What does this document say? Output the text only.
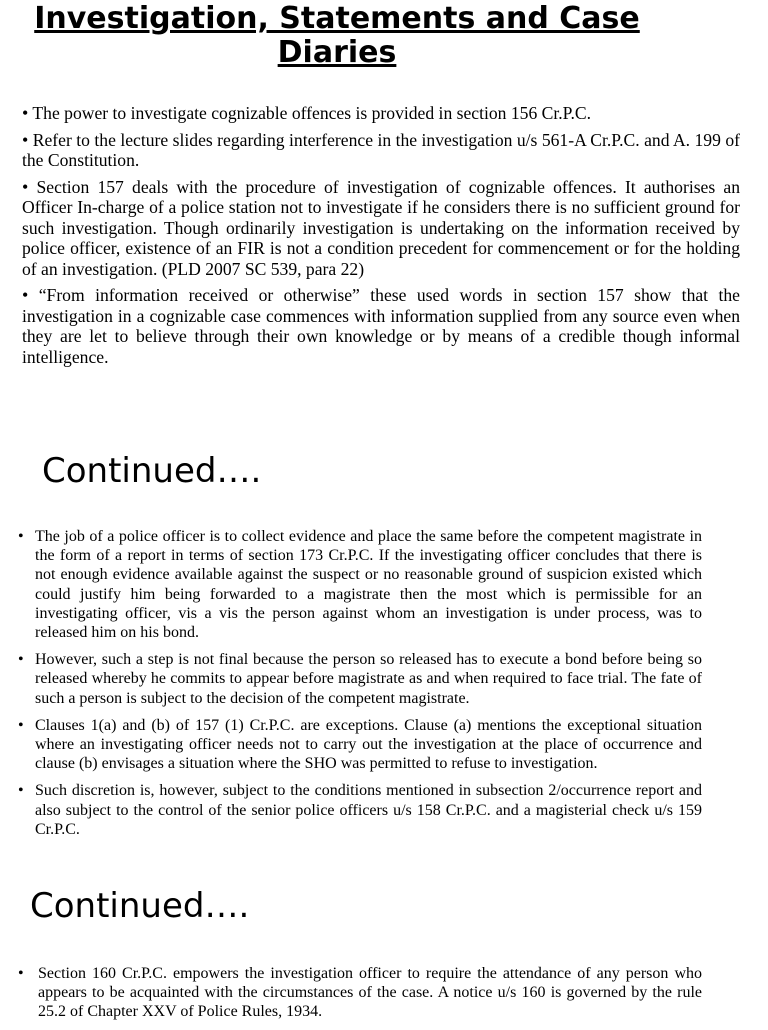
Investigation, Statements and Case Diaries
• The power to investigate cognizable offences is provided in section 156 Cr.P.C.
• Refer to the lecture slides regarding interference in the investigation u/s 561-A Cr.P.C. and A. 199 of the Constitution.
• Section 157 deals with the procedure of investigation of cognizable offences. It authorises an Officer In-charge of a police station not to investigate if he considers there is no sufficient ground for such investigation. Though ordinarily investigation is undertaking on the information received by police officer, existence of an FIR is not a condition precedent for commencement or for the holding of an investigation. (PLD 2007 SC 539, para 22)
• “From information received or otherwise” these used words in section 157 show that the investigation in a cognizable case commences with information supplied from any source even when they are let to believe through their own knowledge or by means of a credible though informal intelligence.
Continued….
• The job of a police officer is to collect evidence and place the same before the competent magistrate in the form of a report in terms of section 173 Cr.P.C. If the investigating officer concludes that there is not enough evidence available against the suspect or no reasonable ground of suspicion existed which could justify him being forwarded to a magistrate then the most which is permissible for an investigating officer, vis a vis the person against whom an investigation is under process, was to released him on his bond.
• However, such a step is not final because the person so released has to execute a bond before being so released whereby he commits to appear before magistrate as and when required to face trial. The fate of such a person is subject to the decision of the competent magistrate.
• Clauses 1(a) and (b) of 157 (1) Cr.P.C. are exceptions. Clause (a) mentions the exceptional situation where an investigating officer needs not to carry out the investigation at the place of occurrence and clause (b) envisages a situation where the SHO was permitted to refuse to investigation.
• Such discretion is, however, subject to the conditions mentioned in subsection 2/occurrence report and also subject to the control of the senior police officers u/s 158 Cr.P.C. and a magisterial check u/s 159 Cr.P.C.
Continued….
• Section 160 Cr.P.C. empowers the investigation officer to require the attendance of any person who appears to be acquainted with the circumstances of the case. A notice u/s 160 is governed by the rule 25.2 of Chapter XXV of Police Rules, 1934.
